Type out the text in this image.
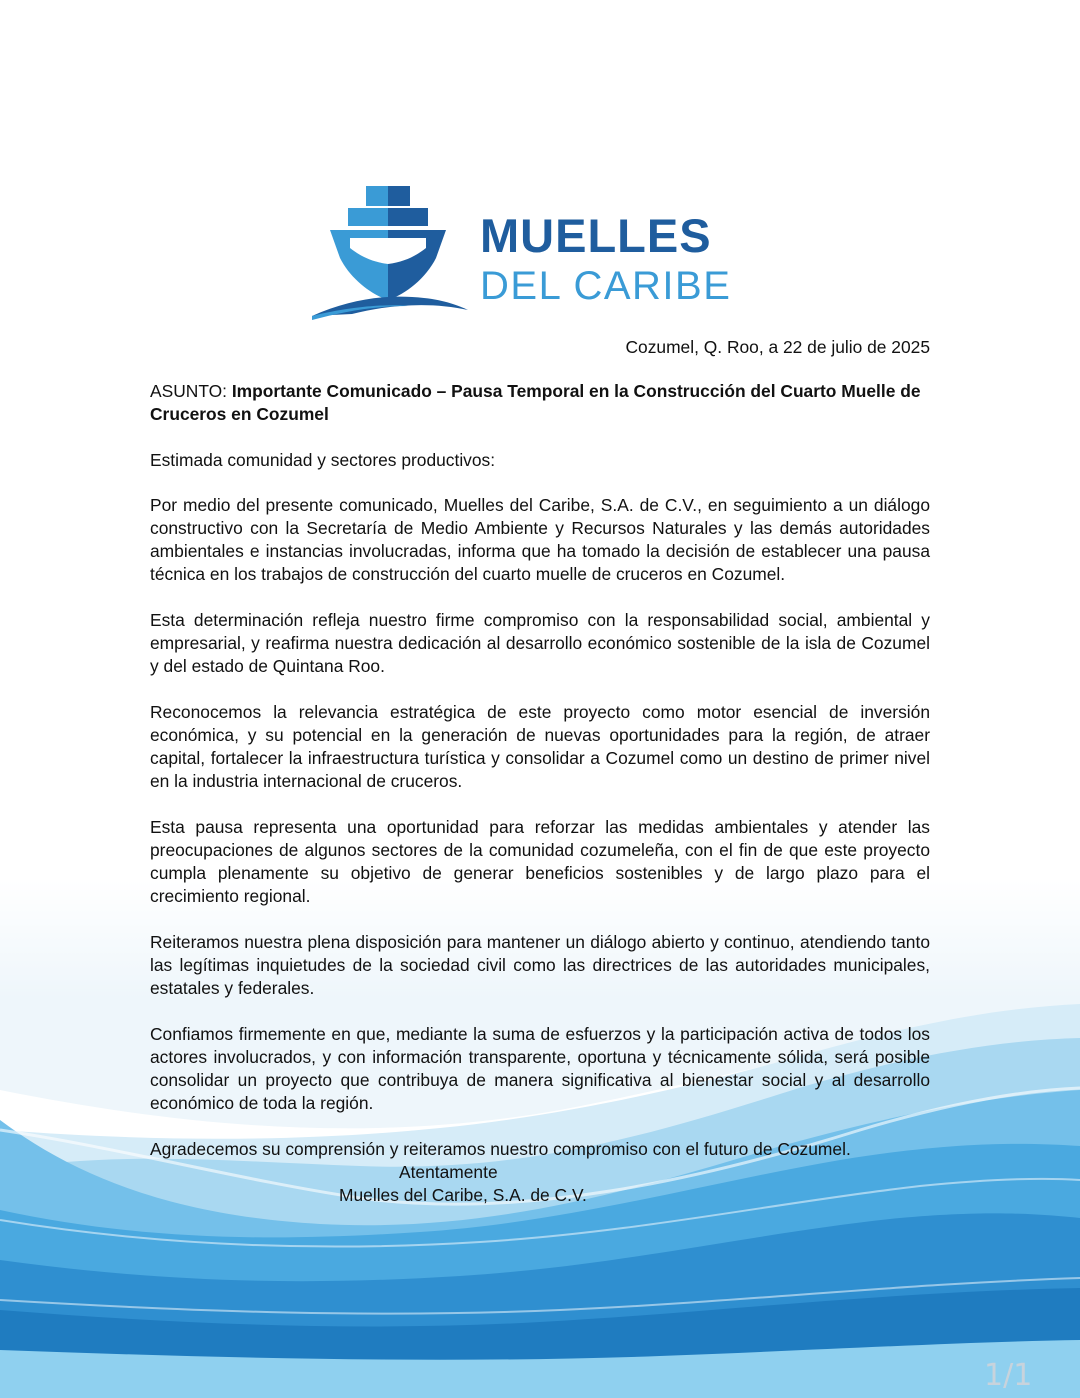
MUELLES
DEL CARIBE

Cozumel, Q. Roo, a 22 de julio de 2025

ASUNTO: Importante Comunicado – Pausa Temporal en la Construcción del Cuarto Muelle de Cruceros en Cozumel

Estimada comunidad y sectores productivos:

Por medio del presente comunicado, Muelles del Caribe, S.A. de C.V., en seguimiento a un diálogo constructivo con la Secretaría de Medio Ambiente y Recursos Naturales y las demás autoridades ambientales e instancias involucradas, informa que ha tomado la decisión de establecer una pausa técnica en los trabajos de construcción del cuarto muelle de cruceros en Cozumel.

Esta determinación refleja nuestro firme compromiso con la responsabilidad social, ambiental y empresarial, y reafirma nuestra dedicación al desarrollo económico sostenible de la isla de Cozumel y del estado de Quintana Roo.

Reconocemos la relevancia estratégica de este proyecto como motor esencial de inversión económica, y su potencial en la generación de nuevas oportunidades para la región, de atraer capital, fortalecer la infraestructura turística y consolidar a Cozumel como un destino de primer nivel en la industria internacional de cruceros.

Esta pausa representa una oportunidad para reforzar las medidas ambientales y atender las preocupaciones de algunos sectores de la comunidad cozumeleña, con el fin de que este proyecto cumpla plenamente su objetivo de generar beneficios sostenibles y de largo plazo para el crecimiento regional.

Reiteramos nuestra plena disposición para mantener un diálogo abierto y continuo, atendiendo tanto las legítimas inquietudes de la sociedad civil como las directrices de las autoridades municipales, estatales y federales.

Confiamos firmemente en que, mediante la suma de esfuerzos y la participación activa de todos los actores involucrados, y con información transparente, oportuna y técnicamente sólida, será posible consolidar un proyecto que contribuya de manera significativa al bienestar social y al desarrollo económico de toda la región.

Agradecemos su comprensión y reiteramos nuestro compromiso con el futuro de Cozumel.

Atentamente

Muelles del Caribe, S.A. de C.V.

1/1
